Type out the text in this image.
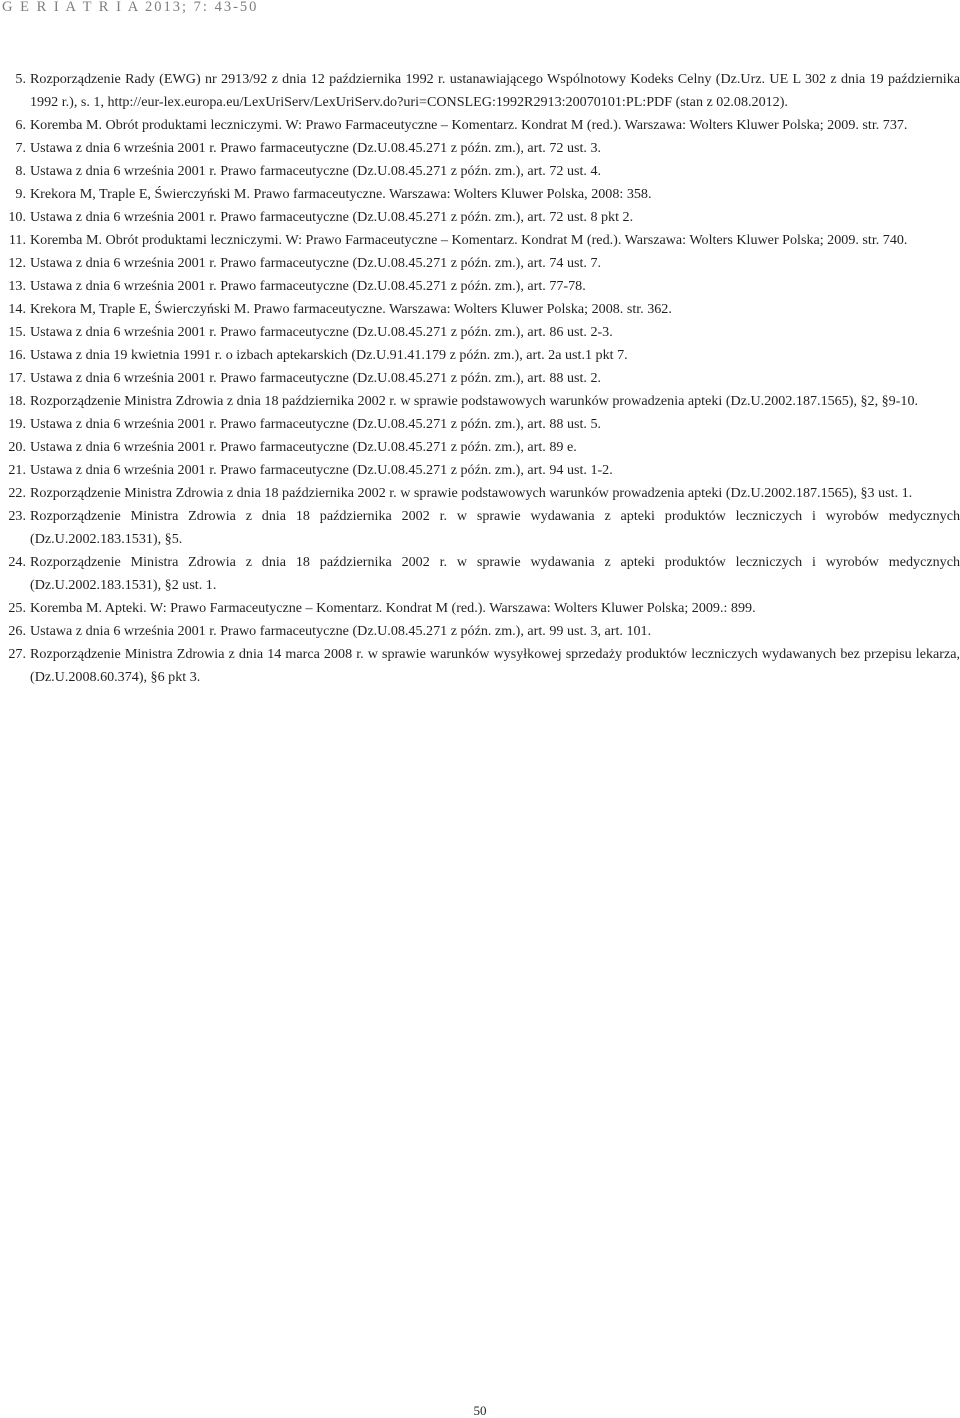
G E R I A T R I A 2013; 7: 43-50
5. Rozporządzenie Rady (EWG) nr 2913/92 z dnia 12 października 1992 r. ustanawiającego Wspólnotowy Kodeks Celny (Dz.Urz. UE L 302 z dnia 19 października 1992 r.), s. 1, http://eur-lex.europa.eu/LexUriServ/LexUriServ.do?uri=CONSLEG:1992R2913:20070101:PL:PDF (stan z 02.08.2012).
6. Koremba M. Obrót produktami leczniczymi. W: Prawo Farmaceutyczne – Komentarz. Kondrat M (red.). Warszawa: Wolters Kluwer Polska; 2009. str. 737.
7. Ustawa z dnia 6 września 2001 r. Prawo farmaceutyczne (Dz.U.08.45.271 z późn. zm.), art. 72 ust. 3.
8. Ustawa z dnia 6 września 2001 r. Prawo farmaceutyczne (Dz.U.08.45.271 z późn. zm.), art. 72 ust. 4.
9. Krekora M, Traple E, Świerczyński M. Prawo farmaceutyczne. Warszawa: Wolters Kluwer Polska, 2008: 358.
10. Ustawa z dnia 6 września 2001 r. Prawo farmaceutyczne (Dz.U.08.45.271 z późn. zm.), art. 72 ust. 8 pkt 2.
11. Koremba M. Obrót produktami leczniczymi. W: Prawo Farmaceutyczne – Komentarz. Kondrat M (red.). Warszawa: Wolters Kluwer Polska; 2009. str. 740.
12. Ustawa z dnia 6 września 2001 r. Prawo farmaceutyczne (Dz.U.08.45.271 z późn. zm.), art. 74 ust. 7.
13. Ustawa z dnia 6 września 2001 r. Prawo farmaceutyczne (Dz.U.08.45.271 z późn. zm.), art. 77-78.
14. Krekora M, Traple E, Świerczyński M. Prawo farmaceutyczne. Warszawa: Wolters Kluwer Polska; 2008. str. 362.
15. Ustawa z dnia 6 września 2001 r. Prawo farmaceutyczne (Dz.U.08.45.271 z późn. zm.), art. 86 ust. 2-3.
16. Ustawa z dnia 19 kwietnia 1991 r. o izbach aptekarskich (Dz.U.91.41.179 z późn. zm.), art. 2a ust.1 pkt 7.
17. Ustawa z dnia 6 września 2001 r. Prawo farmaceutyczne (Dz.U.08.45.271 z późn. zm.), art. 88 ust. 2.
18. Rozporządzenie Ministra Zdrowia z dnia 18 października 2002 r. w sprawie podstawowych warunków prowadzenia apteki (Dz.U.2002.187.1565), §2, §9-10.
19. Ustawa z dnia 6 września 2001 r. Prawo farmaceutyczne (Dz.U.08.45.271 z późn. zm.), art. 88 ust. 5.
20. Ustawa z dnia 6 września 2001 r. Prawo farmaceutyczne (Dz.U.08.45.271 z późn. zm.), art. 89 e.
21. Ustawa z dnia 6 września 2001 r. Prawo farmaceutyczne (Dz.U.08.45.271 z późn. zm.), art. 94 ust. 1-2.
22. Rozporządzenie Ministra Zdrowia z dnia 18 października 2002 r. w sprawie podstawowych warunków prowadzenia apteki (Dz.U.2002.187.1565), §3 ust. 1.
23. Rozporządzenie Ministra Zdrowia z dnia 18 października 2002 r. w sprawie wydawania z apteki produktów leczniczych i wyrobów medycznych (Dz.U.2002.183.1531), §5.
24. Rozporządzenie Ministra Zdrowia z dnia 18 października 2002 r. w sprawie wydawania z apteki produktów leczniczych i wyrobów medycznych (Dz.U.2002.183.1531), §2 ust. 1.
25. Koremba M. Apteki. W: Prawo Farmaceutyczne – Komentarz. Kondrat M (red.). Warszawa: Wolters Kluwer Polska; 2009.: 899.
26. Ustawa z dnia 6 września 2001 r. Prawo farmaceutyczne (Dz.U.08.45.271 z późn. zm.), art. 99 ust. 3, art. 101.
27. Rozporządzenie Ministra Zdrowia z dnia 14 marca 2008 r. w sprawie warunków wysyłkowej sprzedaży produktów leczniczych wydawanych bez przepisu lekarza, (Dz.U.2008.60.374), §6 pkt 3.
50
